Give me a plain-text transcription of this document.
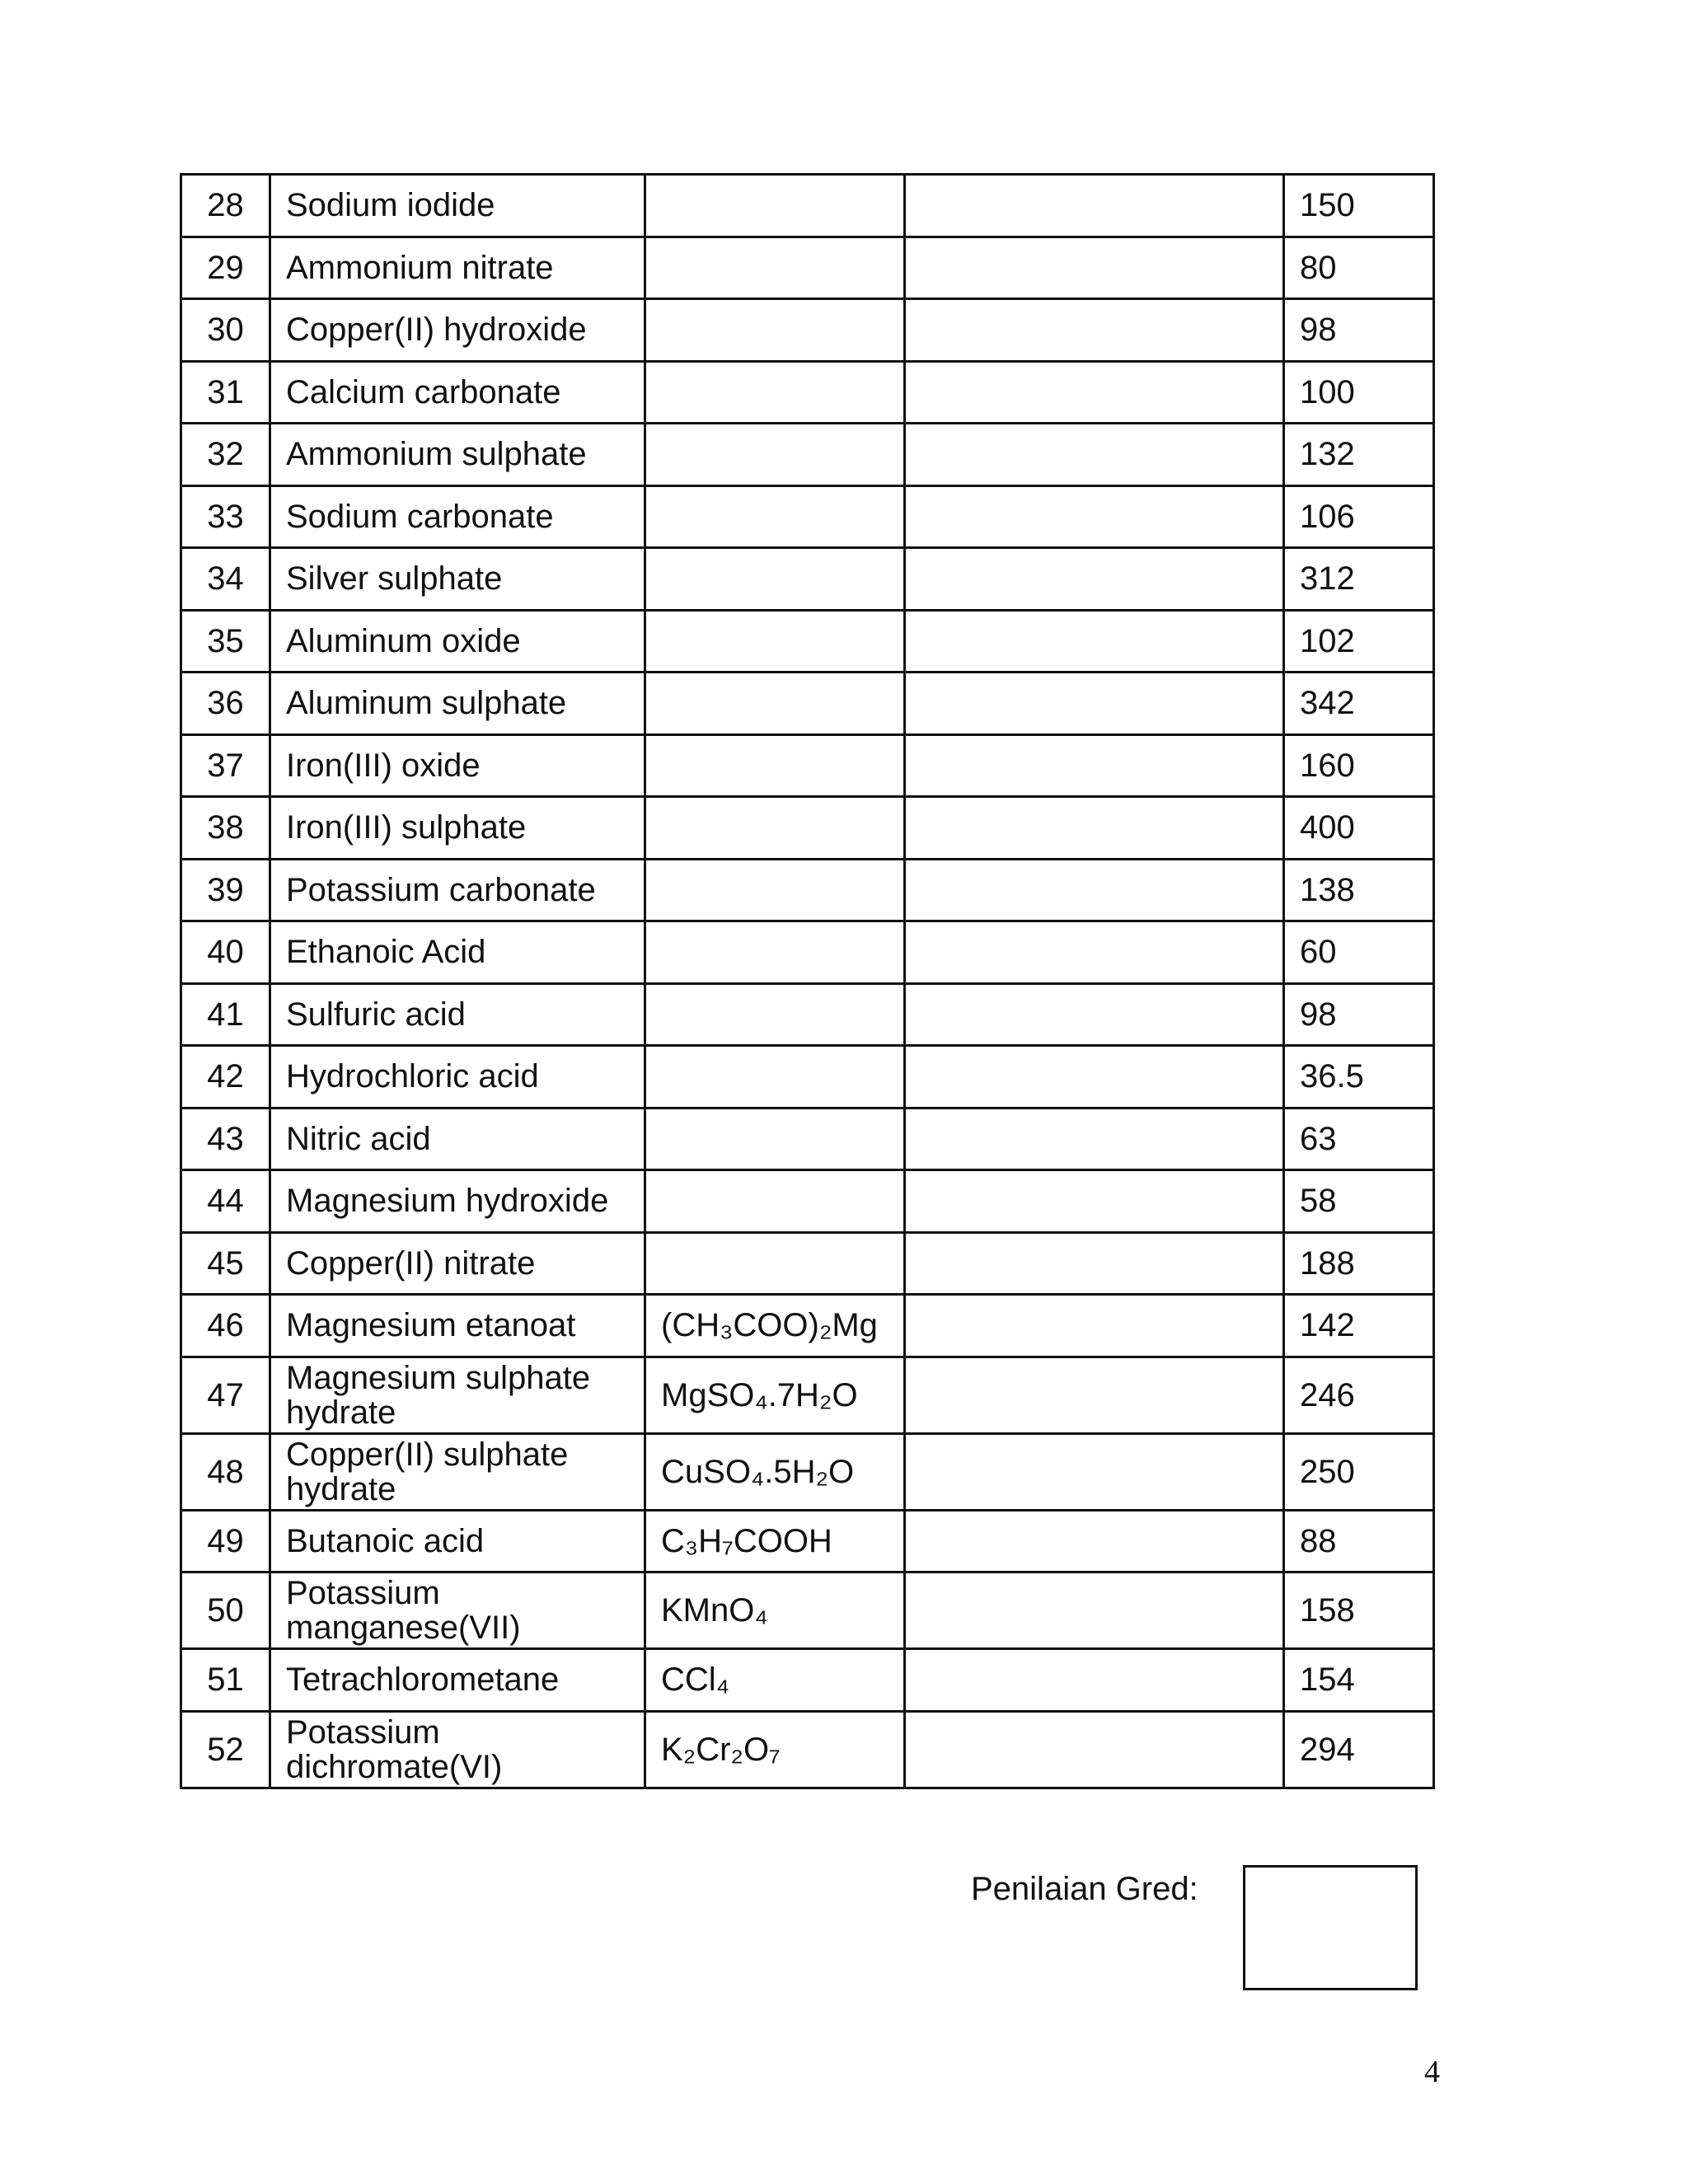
28	Sodium iodide			150
29	Ammonium nitrate			80
30	Copper(II) hydroxide			98
31	Calcium carbonate			100
32	Ammonium sulphate			132
33	Sodium carbonate			106
34	Silver sulphate			312
35	Aluminum oxide			102
36	Aluminum sulphate			342
37	Iron(III) oxide			160
38	Iron(III) sulphate			400
39	Potassium carbonate			138
40	Ethanoic Acid			60
41	Sulfuric acid			98
42	Hydrochloric acid			36.5
43	Nitric acid			63
44	Magnesium hydroxide			58
45	Copper(II) nitrate			188
46	Magnesium etanoat	(CH₃COO)₂Mg		142
47	Magnesium sulphate hydrate	MgSO₄.7H₂O		246
48	Copper(II) sulphate hydrate	CuSO₄.5H₂O		250
49	Butanoic acid	C₃H₇COOH		88
50	Potassium manganese(VII)	KMnO₄		158
51	Tetrachlorometane	CCl₄		154
52	Potassium dichromate(VI)	K₂Cr₂O₇		294
Penilaian Gred:
4
